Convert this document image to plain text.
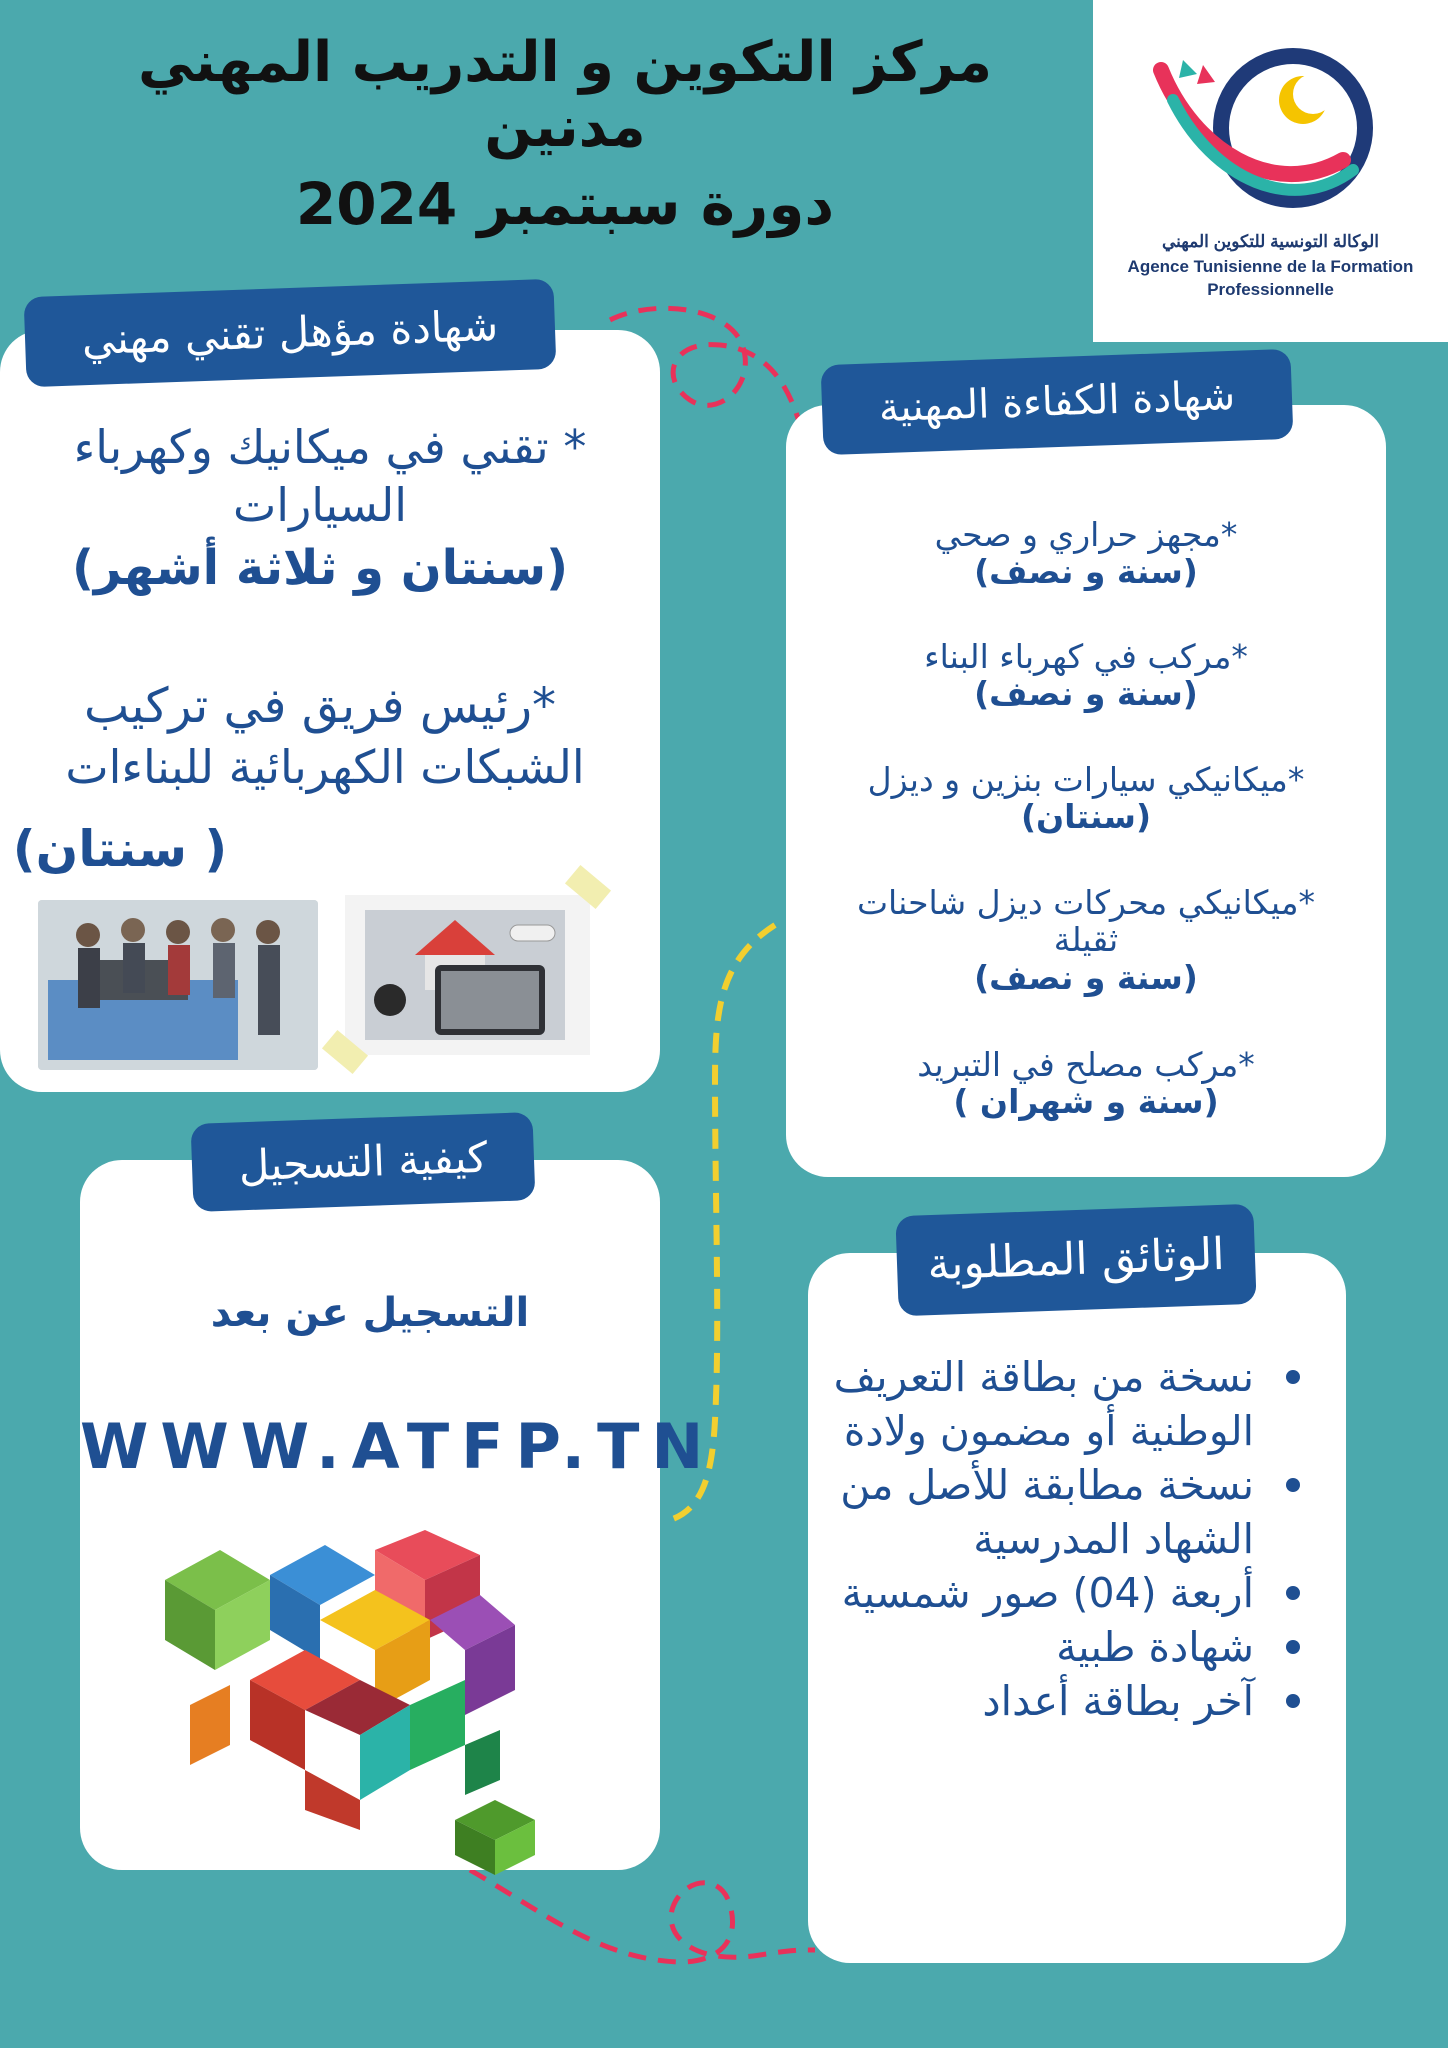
مركز التكوين و التدريب المهني مدنين
دورة سبتمبر 2024
الوكالة التونسية للتكوين المهني
Agence Tunisienne de la Formation
Professionnelle
شهادة مؤهل تقني مهني
* تقني في ميكانيك وكهرباء
السيارات
(سنتان و ثلاثة أشهر)
*رئيس فريق في تركيب
الشبكات الكهربائية للبناءات
( سنتان)
شهادة الكفاءة المهنية
*مجهز حراري و صحي
(سنة و نصف)
*مركب في كهرباء البناء
(سنة و نصف)
*ميكانيكي سيارات بنزين و ديزل
(سنتان)
*ميكانيكي محركات ديزل شاحنات
ثقيلة
(سنة و نصف)
*مركب مصلح في التبريد
(سنة و شهران )
كيفية التسجيل
التسجيل عن بعد
WWW.ATFP.TN
الوثائق المطلوبة
نسخة من بطاقة التعريف الوطنية أو مضمون ولادة
نسخة مطابقة للأصل من الشهاد المدرسية
أربعة (04) صور شمسية
شهادة طبية
آخر بطاقة أعداد
